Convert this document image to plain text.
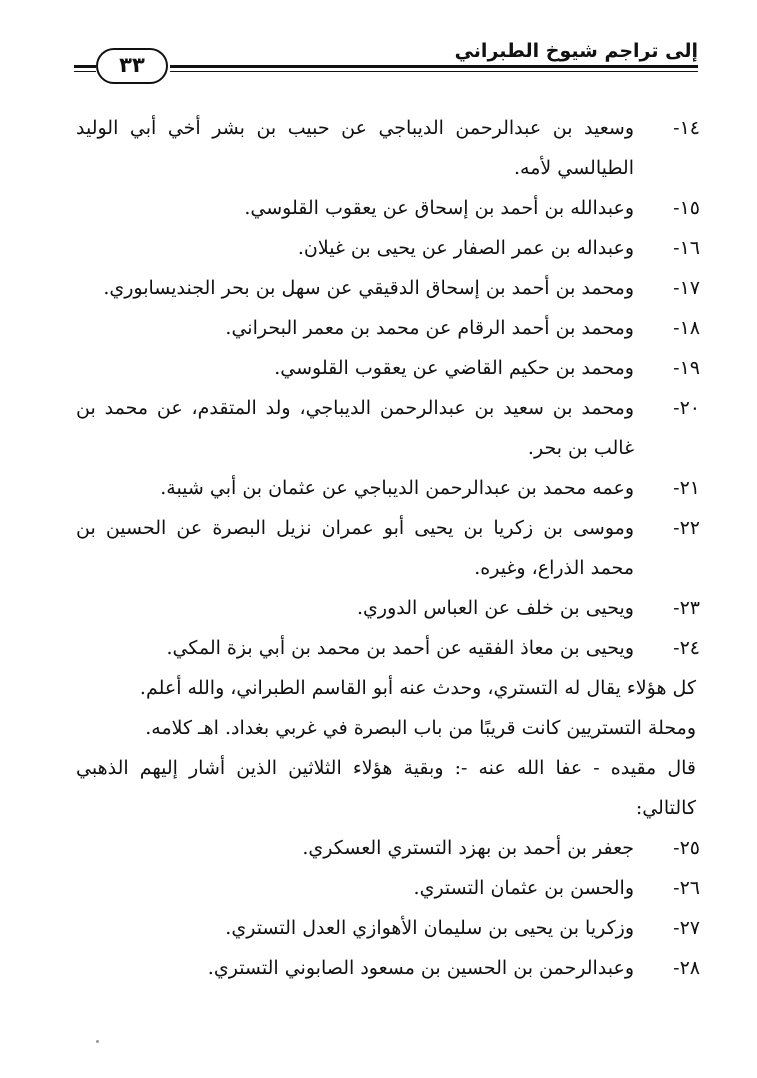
إلى تراجم شيوخ الطبراني
٣٣
١٤-
وسعيد بن عبدالرحمن الديباجي عن حبيب بن بشر أخي أبي الوليد الطيالسي لأمه.
١٥-
وعبدالله بن أحمد بن إسحاق عن يعقوب القلوسي.
١٦-
وعبداله بن عمر الصفار عن يحيى بن غيلان.
١٧-
ومحمد بن أحمد بن إسحاق الدقيقي عن سهل بن بحر الجنديسابوري.
١٨-
ومحمد بن أحمد الرقام عن محمد بن معمر البحراني.
١٩-
ومحمد بن حكيم القاضي عن يعقوب القلوسي.
٢٠-
ومحمد بن سعيد بن عبدالرحمن الديباجي، ولد المتقدم، عن محمد بن غالب بن بحر.
٢١-
وعمه محمد بن عبدالرحمن الديباجي عن عثمان بن أبي شيبة.
٢٢-
وموسى بن زكريا بن يحيى أبو عمران نزيل البصرة عن الحسين بن محمد الذراع، وغيره.
٢٣-
ويحيى بن خلف عن العباس الدوري.
٢٤-
ويحيى بن معاذ الفقيه عن أحمد بن محمد بن أبي بزة المكي.
كل هؤلاء يقال له التستري، وحدث عنه أبو القاسم الطبراني، والله أعلم.
ومحلة التستريين كانت قريبًا من باب البصرة في غربي بغداد. اهـ كلامه.
قال مقيده - عفا الله عنه -: وبقية هؤلاء الثلاثين الذين أشار إليهم الذهبي كالتالي:
٢٥-
جعفر بن أحمد بن بهزد التستري العسكري.
٢٦-
والحسن بن عثمان التستري.
٢٧-
وزكريا بن يحيى بن سليمان الأهوازي العدل التستري.
٢٨-
وعبدالرحمن بن الحسين بن مسعود الصابوني التستري.
